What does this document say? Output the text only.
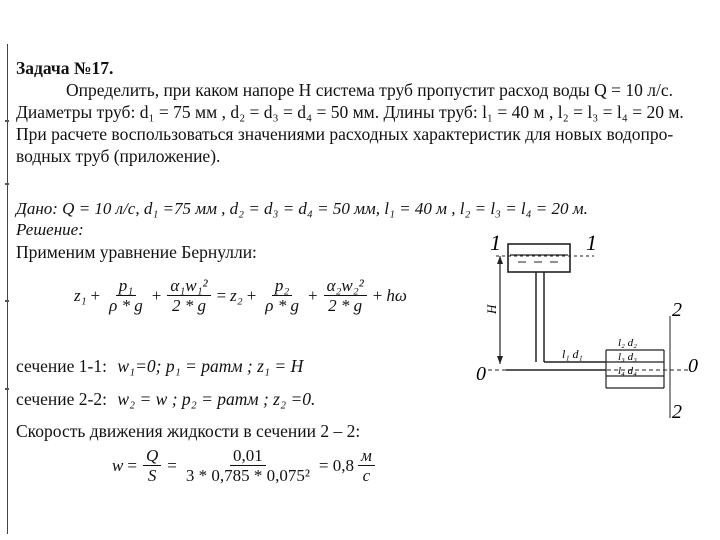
Задача №17.
Определить, при каком напоре H система труб пропустит расход воды Q = 10 л/с.
Диаметры труб: d₁ = 75 мм , d₂ = d₃ = d₄ = 50 мм. Длины труб: l₁ = 40 м , l₂ = l₃ = l₄ = 20 м.
При расчете воспользоваться значениями расходных характеристик для новых водопро-
водных труб (приложение).
Дано: Q = 10 л/с, d₁ =75 мм , d₂ = d₃ = d₄ = 50 мм, l₁ = 40 м , l₂ = l₃ = l₄ = 20 м.
Решение:
Применим уравнение Бернулли:
$z_1 + \frac{\text{p₁}}{\rho * g} + \frac{\text{α₁w₁²}}{2 * g} = z_2 + \frac{\text{p₂}}{\rho * g} + \frac{\text{α₂w₂²}}{2 * g} + h\omega$
сечение 1-1: w₁=0; p₁ = pатм ; z₁ = H
сечение 2-2: w₂ = w ; p₂ = pатм ; z₂ =0.
Скорость движения жидкости в сечении 2 – 2:
$w = \frac{Q}{S} = \frac{0,01}{\text{3 * 0,785 * 0,075²}} = 0,8 \frac{м}{с}$
1	1
H
l₁ d₁
l₂ d₂
l₃ d₃
l₄ d₄
0	0
2
2
